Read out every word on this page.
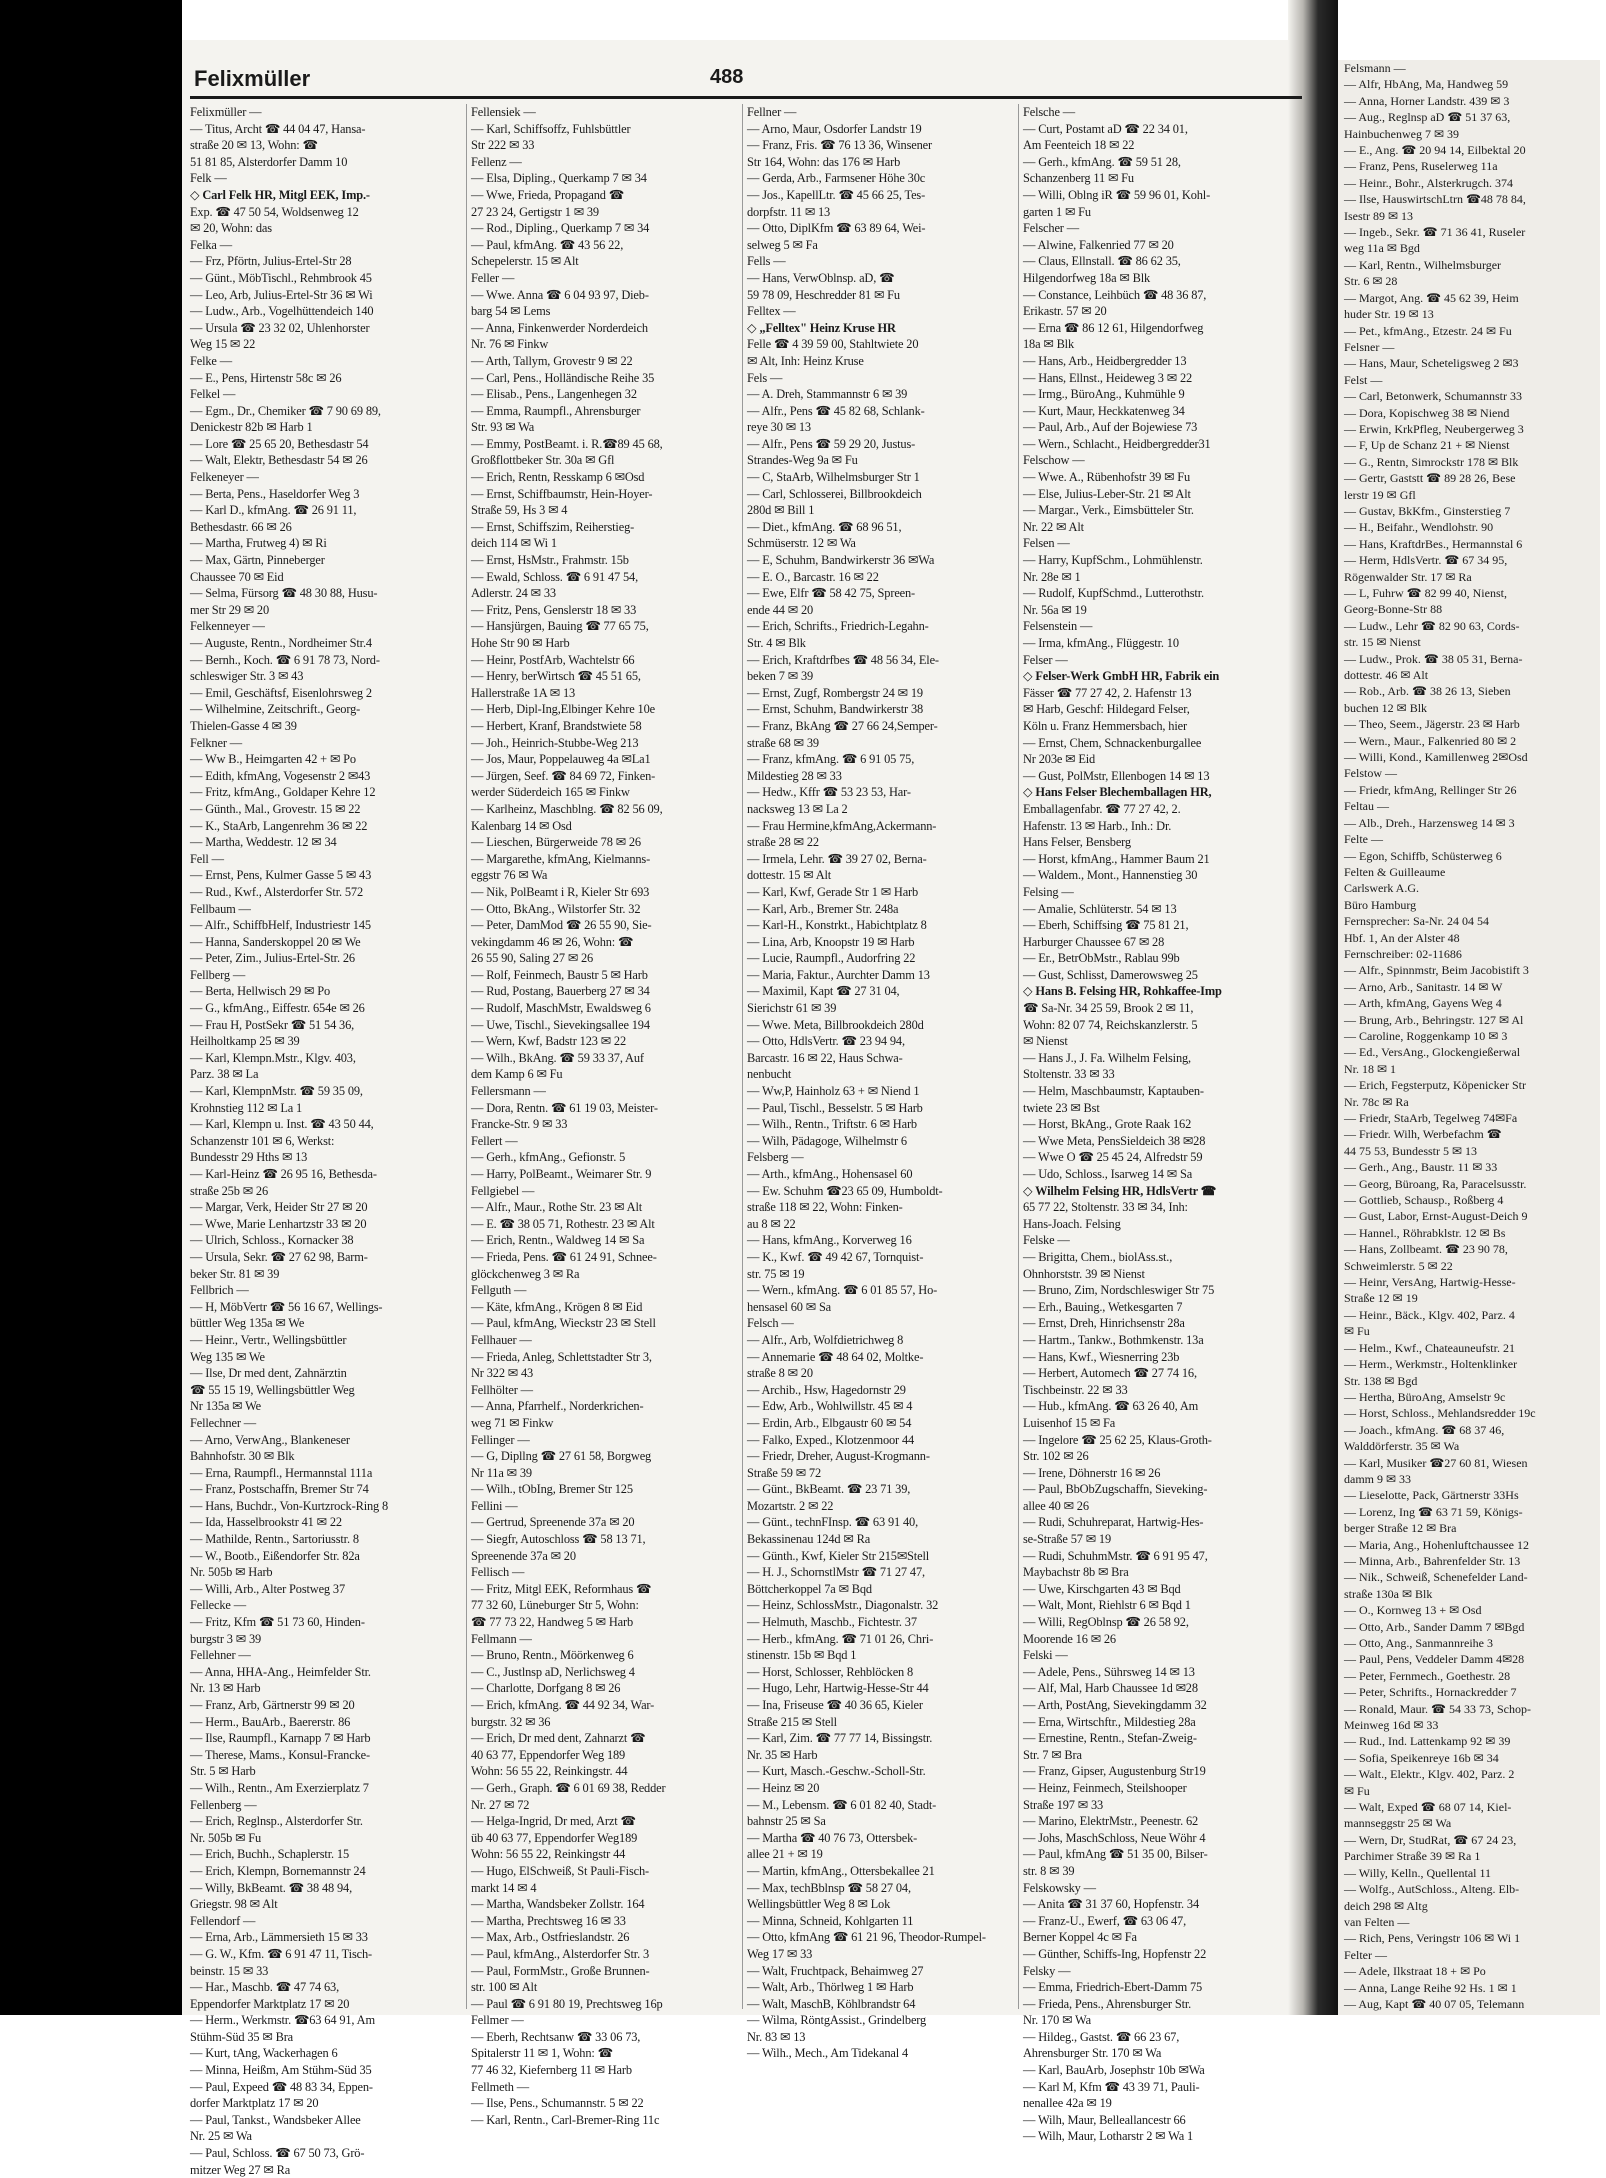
Felsmann —
— Alfr, HbAng, Ma, Handweg 59
— Anna, Horner Landstr. 439 ✉ 3
— Aug., Reglnsp aD ☎ 51 37 63,
Hainbuchenweg 7 ✉ 39
— E., Ang. ☎ 20 94 14, Eilbektal 20
— Franz, Pens, Ruselerweg 11a
— Heinr., Bohr., Alsterkrugch. 374
— Ilse, HauswirtschLtrn ☎48 78 84,
Isestr 89 ✉ 13
— Ingeb., Sekr. ☎ 71 36 41, Ruseler
weg 11a ✉ Bgd
— Karl, Rentn., Wilhelmsburger
Str. 6 ✉ 28
— Margot, Ang. ☎ 45 62 39, Heim
huder Str. 19 ✉ 13
— Pet., kfmAng., Etzestr. 24 ✉ Fu
Felsner —
— Hans, Maur, Scheteligsweg 2 ✉3
Felst —
— Carl, Betonwerk, Schumannstr 33
— Dora, Kopischweg 38 ✉ Niend
— Erwin, KrkPfleg, Neubergerweg 3
— F, Up de Schanz 21 + ✉ Nienst
— G., Rentn, Simrockstr 178 ✉ Blk
— Gertr, Gaststt ☎ 89 28 26, Bese
lerstr 19 ✉ Gfl
— Gustav, BkKfm., Ginsterstieg 7
— H., Beifahr., Wendlohstr. 90
— Hans, KraftdrBes., Hermannstal 6
— Herm, HdlsVertr. ☎ 67 34 95,
Rögenwalder Str. 17 ✉ Ra
— L, Fuhrw ☎ 82 99 40, Nienst,
Georg-Bonne-Str 88
— Ludw., Lehr ☎ 82 90 63, Cords-
str. 15 ✉ Nienst
— Ludw., Prok. ☎ 38 05 31, Berna-
dottestr. 46 ✉ Alt
— Rob., Arb. ☎ 38 26 13, Sieben
buchen 12 ✉ Blk
— Theo, Seem., Jägerstr. 23 ✉ Harb
— Wern., Maur., Falkenried 80 ✉ 2
— Willi, Kond., Kamillenweg 2✉Osd
Felstow —
— Friedr, kfmAng, Rellinger Str 26
Feltau —
— Alb., Dreh., Harzensweg 14 ✉ 3
Felte —
— Egon, Schiffb, Schüsterweg 6
Felten & Guilleaume
Carlswerk A.G.
Büro Hamburg
Fernsprecher: Sa-Nr. 24 04 54
Hbf. 1, An der Alster 48
Fernschreiber: 02-11686
— Alfr., Spinnmstr, Beim Jacobistift 3
— Arno, Arb., Sanitastr. 14 ✉ W
— Arth, kfmAng, Gayens Weg 4
— Brung, Arb., Behringstr. 127 ✉ Al
— Caroline, Roggenkamp 10 ✉ 3
— Ed., VersAng., Glockengießerwal
Nr. 18 ✉ 1
— Erich, Fegsterputz, Köpenicker Str
Nr. 78c ✉ Ra
— Friedr, StaArb, Tegelweg 74✉Fa
— Friedr. Wilh, Werbefachm ☎
44 75 53, Bundesstr 5 ✉ 13
— Gerh., Ang., Baustr. 11 ✉ 33
— Georg, Büroang, Ra, Paracelsusstr.
— Gottlieb, Schausp., Roßberg 4
— Gust, Labor, Ernst-August-Deich 9
— Hannel., Röhrabklstr. 12 ✉ Bs
— Hans, Zollbeamt. ☎ 23 90 78,
Schweimlerstr. 5 ✉ 22
— Heinr, VersAng, Hartwig-Hesse-
Straße 12 ✉ 19
— Heinr., Bäck., Klgv. 402, Parz. 4
✉ Fu
— Helm., Kwf., Chateauneufstr. 21
— Herm., Werkmstr., Holtenklinker
Str. 138 ✉ Bgd
— Hertha, BüroAng, Amselstr 9c
— Horst, Schloss., Mehlandsredder 19c
— Joach., kfmAng. ☎ 68 37 46,
Walddörferstr. 35 ✉ Wa
— Karl, Musiker ☎27 60 81, Wiesen
damm 9 ✉ 33
— Lieselotte, Pack, Gärtnerstr 33Hs
— Lorenz, Ing ☎ 63 71 59, Königs-
berger Straße 12 ✉ Bra
— Maria, Ang., Hohenluftchaussee 12
— Minna, Arb., Bahrenfelder Str. 13
— Nik., Schweiß, Schenefelder Land-
straße 130a ✉ Blk
— O., Kornweg 13 + ✉ Osd
— Otto, Arb., Sander Damm 7 ✉Bgd
— Otto, Ang., Sanmannreihe 3
— Paul, Pens, Veddeler Damm 4✉28
— Peter, Fernmech., Goethestr. 28
— Peter, Schrifts., Hornackredder 7
— Ronald, Maur. ☎ 54 33 73, Schop-
Meinweg 16d ✉ 33
— Rud., Ind. Lattenkamp 92 ✉ 39
— Sofia, Speikenreye 16b ✉ 34
— Walt., Elektr., Klgv. 402, Parz. 2
✉ Fu
— Walt, Exped ☎ 68 07 14, Kiel-
mannseggstr 25 ✉ Wa
— Wern, Dr, StudRat, ☎ 67 24 23,
Parchimer Straße 39 ✉ Ra 1
— Willy, Kelln., Quellental 11
— Wolfg., AutSchloss., Alteng. Elb-
deich 298 ✉ Altg
van Felten —
— Rich, Pens, Veringstr 106 ✉ Wi 1
Felter —
— Adele, Ilkstraat 18 + ✉ Po
— Anna, Lange Reihe 92 Hs. 1 ✉ 1
— Aug, Kapt ☎ 40 07 05, Telemann
Felixmüller	488
Felixmüller —
— Titus, Archt ☎ 44 04 47, Hansa-
straße 20 ✉ 13, Wohn: ☎
51 81 85, Alsterdorfer Damm 10
Felk —
◇ Carl Felk HR, Mitgl EEK, Imp.-
Exp. ☎ 47 50 54, Woldsenweg 12
✉ 20, Wohn: das
Felka —
— Frz, Pförtn, Julius-Ertel-Str 28
— Günt., MöbTischl., Rehmbrook 45
— Leo, Arb, Julius-Ertel-Str 36 ✉ Wi
— Ludw., Arb., Vogelhüttendeich 140
— Ursula ☎ 23 32 02, Uhlenhorster
Weg 15 ✉ 22
Felke —
— E., Pens, Hirtenstr 58c ✉ 26
Felkel —
— Egm., Dr., Chemiker ☎ 7 90 69 89,
Denickestr 82b ✉ Harb 1
— Lore ☎ 25 65 20, Bethesdastr 54
— Walt, Elektr, Bethesdastr 54 ✉ 26
Felkeneyer —
— Berta, Pens., Haseldorfer Weg 3
— Karl D., kfmAng. ☎ 26 91 11,
Bethesdastr. 66 ✉ 26
— Martha, Frutweg 4) ✉ Ri
— Max, Gärtn, Pinneberger
Chaussee 70 ✉ Eid
— Selma, Fürsorg ☎ 48 30 88, Husu-
mer Str 29 ✉ 20
Felkenneyer —
— Auguste, Rentn., Nordheimer Str.4
— Bernh., Koch. ☎ 6 91 78 73, Nord-
schleswiger Str. 3 ✉ 43
— Emil, Geschäftsf, Eisenlohrsweg 2
— Wilhelmine, Zeitschrift., Georg-
Thielen-Gasse 4 ✉ 39
Felkner —
— Ww B., Heimgarten 42 + ✉ Po
— Edith, kfmAng, Vogesenstr 2 ✉43
— Fritz, kfmAng., Goldaper Kehre 12
— Günth., Mal., Grovestr. 15 ✉ 22
— K., StaArb, Langenrehm 36 ✉ 22
— Martha, Weddestr. 12 ✉ 34
Fell —
— Ernst, Pens, Kulmer Gasse 5 ✉ 43
— Rud., Kwf., Alsterdorfer Str. 572
Fellbaum —
— Alfr., SchiffbHelf, Industriestr 145
— Hanna, Sanderskoppel 20 ✉ We
— Peter, Zim., Julius-Ertel-Str. 26
Fellberg —
— Berta, Hellwisch 29 ✉ Po
— G., kfmAng., Eiffestr. 654e ✉ 26
— Frau H, PostSekr ☎ 51 54 36,
Heilholtkamp 25 ✉ 39
— Karl, Klempn.Mstr., Klgv. 403,
Parz. 38 ✉ La
— Karl, KlempnMstr. ☎ 59 35 09,
Krohnstieg 112 ✉ La 1
— Karl, Klempn u. Inst. ☎ 43 50 44,
Schanzenstr 101 ✉ 6, Werkst:
Bundesstr 29 Hths ✉ 13
— Karl-Heinz ☎ 26 95 16, Bethesda-
straße 25b ✉ 26
— Margar, Verk, Heider Str 27 ✉ 20
— Wwe, Marie Lenhartzstr 33 ✉ 20
— Ulrich, Schloss., Kornacker 38
— Ursula, Sekr. ☎ 27 62 98, Barm-
beker Str. 81 ✉ 39
Fellbrich —
— H, MöbVertr ☎ 56 16 67, Wellings-
büttler Weg 135a ✉ We
— Heinr., Vertr., Wellingsbüttler
Weg 135 ✉ We
— Ilse, Dr med dent, Zahnärztin
☎ 55 15 19, Wellingsbüttler Weg
Nr 135a ✉ We
Fellechner —
— Arno, VerwAng., Blankeneser
Bahnhofstr. 30 ✉ Blk
— Erna, Raumpfl., Hermannstal 111a
— Franz, Postschaffn, Bremer Str 74
— Hans, Buchdr., Von-Kurtzrock-Ring 8
— Ida, Hasselbrookstr 41 ✉ 22
— Mathilde, Rentn., Sartoriusstr. 8
— W., Bootb., Eißendorfer Str. 82a
Nr. 505b ✉ Harb
— Willi, Arb., Alter Postweg 37
Fellecke —
— Fritz, Kfm ☎ 51 73 60, Hinden-
burgstr 3 ✉ 39
Fellehner —
— Anna, HHA-Ang., Heimfelder Str.
Nr. 13 ✉ Harb
— Franz, Arb, Gärtnerstr 99 ✉ 20
— Herm., BauArb., Baererstr. 86
— Ilse, Raumpfl., Karnapp 7 ✉ Harb
— Therese, Mams., Konsul-Francke-
Str. 5 ✉ Harb
— Wilh., Rentn., Am Exerzierplatz 7
Fellenberg —
— Erich, Reglnsp., Alsterdorfer Str.
Nr. 505b ✉ Fu
— Erich, Buchh., Schaplerstr. 15
— Erich, Klempn, Bornemannstr 24
— Willy, BkBeamt. ☎ 38 48 94,
Griegstr. 98 ✉ Alt
Fellendorf —
— Erna, Arb., Lämmersieth 15 ✉ 33
— G. W., Kfm. ☎ 6 91 47 11, Tisch-
beinstr. 15 ✉ 33
— Har., Maschb. ☎ 47 74 63,
Eppendorfer Marktplatz 17 ✉ 20
— Herm., Werkmstr. ☎63 64 91, Am
Stühm-Süd 35 ✉ Bra
— Kurt, tAng, Wackerhagen 6
— Minna, Heißm, Am Stühm-Süd 35
— Paul, Expeed ☎ 48 83 34, Eppen-
dorfer Marktplatz 17 ✉ 20
— Paul, Tankst., Wandsbeker Allee
Nr. 25 ✉ Wa
— Paul, Schloss. ☎ 67 50 73, Grö-
mitzer Weg 27 ✉ Ra
Fellensiek —
— Karl, Schiffsoffz, Fuhlsbüttler
Str 222 ✉ 33
Fellenz —
— Elsa, Dipling., Querkamp 7 ✉ 34
— Wwe, Frieda, Propagand ☎
27 23 24, Gertigstr 1 ✉ 39
— Rod., Dipling., Querkamp 7 ✉ 34
— Paul, kfmAng. ☎ 43 56 22,
Schepelerstr. 15 ✉ Alt
Feller —
— Wwe. Anna ☎ 6 04 93 97, Dieb-
barg 54 ✉ Lems
— Anna, Finkenwerder Norderdeich
Nr. 76 ✉ Finkw
— Arth, Tallym, Grovestr 9 ✉ 22
— Carl, Pens., Holländische Reihe 35
— Elisab., Pens., Langenhegen 32
— Emma, Raumpfl., Ahrensburger
Str. 93 ✉ Wa
— Emmy, PostBeamt. i. R.☎89 45 68,
Großflottbeker Str. 30a ✉ Gfl
— Erich, Rentn, Resskamp 6 ✉Osd
— Ernst, Schiffbaumstr, Hein-Hoyer-
Straße 59, Hs 3 ✉ 4
— Ernst, Schiffszim, Reiherstieg-
deich 114 ✉ Wi 1
— Ernst, HsMstr., Frahmstr. 15b
— Ewald, Schloss. ☎ 6 91 47 54,
Adlerstr. 24 ✉ 33
— Fritz, Pens, Genslerstr 18 ✉ 33
— Hansjürgen, Bauing ☎ 77 65 75,
Hohe Str 90 ✉ Harb
— Heinr, PostfArb, Wachtelstr 66
— Henry, berWirtsch ☎ 45 51 65,
Hallerstraße 1A ✉ 13
— Herb, Dipl-Ing,Elbinger Kehre 10e
— Herbert, Kranf, Brandstwiete 58
— Joh., Heinrich-Stubbe-Weg 213
— Jos, Maur, Poppelauweg 4a ✉La1
— Jürgen, Seef. ☎ 84 69 72, Finken-
werder Süderdeich 165 ✉ Finkw
— Karlheinz, Maschblng. ☎ 82 56 09,
Kalenbarg 14 ✉ Osd
— Lieschen, Bürgerweide 78 ✉ 26
— Margarethe, kfmAng, Kielmanns-
eggstr 76 ✉ Wa
— Nik, PolBeamt i R, Kieler Str 693
— Otto, BkAng., Wilstorfer Str. 32
— Peter, DamMod ☎ 26 55 90, Sie-
vekingdamm 46 ✉ 26, Wohn: ☎
26 55 90, Saling 27 ✉ 26
— Rolf, Feinmech, Baustr 5 ✉ Harb
— Rud, Postang, Bauerberg 27 ✉ 34
— Rudolf, MaschMstr, Ewaldsweg 6
— Uwe, Tischl., Sievekingsallee 194
— Wern, Kwf, Badstr 123 ✉ 22
— Wilh., BkAng. ☎ 59 33 37, Auf
dem Kamp 6 ✉ Fu
Fellersmann —
— Dora, Rentn. ☎ 61 19 03, Meister-
Francke-Str. 9 ✉ 33
Fellert —
— Gerh., kfmAng., Gefionstr. 5
— Harry, PolBeamt., Weimarer Str. 9
Fellgiebel —
— Alfr., Maur., Rothe Str. 23 ✉ Alt
— E. ☎ 38 05 71, Rothestr. 23 ✉ Alt
— Erich, Rentn., Waldweg 14 ✉ Sa
— Frieda, Pens. ☎ 61 24 91, Schnee-
glöckchenweg 3 ✉ Ra
Fellguth —
— Käte, kfmAng., Krögen 8 ✉ Eid
— Paul, kfmAng, Wieckstr 23 ✉ Stell
Fellhauer —
— Frieda, Anleg, Schlettstadter Str 3,
Nr 322 ✉ 43
Fellhölter —
— Anna, Pfarrhelf., Norderkrichen-
weg 71 ✉ Finkw
Fellinger —
— G, Dipllng ☎ 27 61 58, Borgweg
Nr 11a ✉ 39
— Wilh., tObIng, Bremer Str 125
Fellini —
— Gertrud, Spreenende 37a ✉ 20
— Siegfr, Autoschloss ☎ 58 13 71,
Spreenende 37a ✉ 20
Fellisch —
— Fritz, Mitgl EEK, Reformhaus ☎
77 32 60, Lüneburger Str 5, Wohn:
☎ 77 73 22, Handweg 5 ✉ Harb
Fellmann —
— Bruno, Rentn., Möörkenweg 6
— C., Justlnsp aD, Nerlichsweg 4
— Charlotte, Dorfgang 8 ✉ 26
— Erich, kfmAng. ☎ 44 92 34, War-
burgstr. 32 ✉ 36
— Erich, Dr med dent, Zahnarzt ☎
40 63 77, Eppendorfer Weg 189
Wohn: 56 55 22, Reinkingstr. 44
— Gerh., Graph. ☎ 6 01 69 38, Redder
Nr. 27 ✉ 72
— Helga-Ingrid, Dr med, Arzt ☎
üb 40 63 77, Eppendorfer Weg189
Wohn: 56 55 22, Reinkingstr 44
— Hugo, ElSchweiß, St Pauli-Fisch-
markt 14 ✉ 4
— Martha, Wandsbeker Zollstr. 164
— Martha, Prechtsweg 16 ✉ 33
— Max, Arb., Ostfrieslandstr. 26
— Paul, kfmAng., Alsterdorfer Str. 3
— Paul, FormMstr., Große Brunnen-
str. 100 ✉ Alt
— Paul ☎ 6 91 80 19, Prechtsweg 16p
Fellmer —
— Eberh, Rechtsanw ☎ 33 06 73,
Spitalerstr 11 ✉ 1, Wohn: ☎
77 46 32, Kiefernberg 11 ✉ Harb
Fellmeth —
— Ilse, Pens., Schumannstr. 5 ✉ 22
— Karl, Rentn., Carl-Bremer-Ring 11c
Fellner —
— Arno, Maur, Osdorfer Landstr 19
— Franz, Fris. ☎ 76 13 36, Winsener
Str 164, Wohn: das 176 ✉ Harb
— Gerda, Arb., Farmsener Höhe 30c
— Jos., KapellLtr. ☎ 45 66 25, Tes-
dorpfstr. 11 ✉ 13
— Otto, DiplKfm ☎ 63 89 64, Wei-
selweg 5 ✉ Fa
Fells —
— Hans, VerwOblnsp. aD, ☎
59 78 09, Heschredder 81 ✉ Fu
Felltex —
◇ „Felltex" Heinz Kruse HR
Felle ☎ 4 39 59 00, Stahltwiete 20
✉ Alt, Inh: Heinz Kruse
Fels —
— A. Dreh, Stammannstr 6 ✉ 39
— Alfr., Pens ☎ 45 82 68, Schlank-
reye 30 ✉ 13
— Alfr., Pens ☎ 59 29 20, Justus-
Strandes-Weg 9a ✉ Fu
— C, StaArb, Wilhelmsburger Str 1
— Carl, Schlosserei, Billbrookdeich
280d ✉ Bill 1
— Diet., kfmAng. ☎ 68 96 51,
Schmüserstr. 12 ✉ Wa
— E, Schuhm, Bandwirkerstr 36 ✉Wa
— E. O., Barcastr. 16 ✉ 22
— Ewe, Elfr ☎ 58 42 75, Spreen-
ende 44 ✉ 20
— Erich, Schrifts., Friedrich-Legahn-
Str. 4 ✉ Blk
— Erich, Kraftdrfbes ☎ 48 56 34, Ele-
beken 7 ✉ 39
— Ernst, Zugf, Rombergstr 24 ✉ 19
— Ernst, Schuhm, Bandwirkerstr 38
— Franz, BkAng ☎ 27 66 24,Semper-
straße 68 ✉ 39
— Franz, kfmAng. ☎ 6 91 05 75,
Mildestieg 28 ✉ 33
— Hedw., Kffr ☎ 53 23 53, Har-
nacksweg 13 ✉ La 2
— Frau Hermine,kfmAng,Ackermann-
straße 28 ✉ 22
— Irmela, Lehr. ☎ 39 27 02, Berna-
dottestr. 15 ✉ Alt
— Karl, Kwf, Gerade Str 1 ✉ Harb
— Karl, Arb., Bremer Str. 248a
— Karl-H., Konstrkt., Habichtplatz 8
— Lina, Arb, Knoopstr 19 ✉ Harb
— Lucie, Raumpfl., Audorfring 22
— Maria, Faktur., Aurchter Damm 13
— Maximil, Kapt ☎ 27 31 04,
Sierichstr 61 ✉ 39
— Wwe. Meta, Billbrookdeich 280d
— Otto, HdlsVertr. ☎ 23 94 94,
Barcastr. 16 ✉ 22, Haus Schwa-
nenbucht
— Ww,P, Hainholz 63 + ✉ Niend 1
— Paul, Tischl., Besselstr. 5 ✉ Harb
— Wilh., Rentn., Triftstr. 6 ✉ Harb
— Wilh, Pädagoge, Wilhelmstr 6
Felsberg —
— Arth., kfmAng., Hohensasel 60
— Ew. Schuhm ☎23 65 09, Humboldt-
straße 118 ✉ 22, Wohn: Finken-
au 8 ✉ 22
— Hans, kfmAng., Korverweg 16
— K., Kwf. ☎ 49 42 67, Tornquist-
str. 75 ✉ 19
— Wern., kfmAng. ☎ 6 01 85 57, Ho-
hensasel 60 ✉ Sa
Felsch —
— Alfr., Arb, Wolfdietrichweg 8
— Annemarie ☎ 48 64 02, Moltke-
straße 8 ✉ 20
— Archib., Hsw, Hagedornstr 29
— Edw, Arb., Wohlwillstr. 45 ✉ 4
— Erdin, Arb., Elbgaustr 60 ✉ 54
— Falko, Exped., Klotzenmoor 44
— Friedr, Dreher, August-Krogmann-
Straße 59 ✉ 72
— Günt., BkBeamt. ☎ 23 71 39,
Mozartstr. 2 ✉ 22
— Günt., technFInsp. ☎ 63 91 40,
Bekassinenau 124d ✉ Ra
— Günth., Kwf, Kieler Str 215✉Stell
— H. J., SchornstlMstr ☎ 71 27 47,
Böttcherkoppel 7a ✉ Bqd
— Heinz, SchlossMstr., Diagonalstr. 32
— Helmuth, Maschb., Fichtestr. 37
— Herb., kfmAng. ☎ 71 01 26, Chri-
stinenstr. 15b ✉ Bqd 1
— Horst, Schlosser, Rehblöcken 8
— Hugo, Lehr, Hartwig-Hesse-Str 44
— Ina, Friseuse ☎ 40 36 65, Kieler
Straße 215 ✉ Stell
— Karl, Zim. ☎ 77 77 14, Bissingstr.
Nr. 35 ✉ Harb
— Kurt, Masch.-Geschw.-Scholl-Str.
— Heinz ✉ 20
— M., Lebensm. ☎ 6 01 82 40, Stadt-
bahnstr 25 ✉ Sa
— Martha ☎ 40 76 73, Ottersbek-
allee 21 + ✉ 19
— Martin, kfmAng., Ottersbekallee 21
— Max, techBblnsp ☎ 58 27 04,
Wellingsbüttler Weg 8 ✉ Lok
— Minna, Schneid, Kohlgarten 11
— Otto, kfmAng ☎ 61 21 96, Theodor-Rumpel-
Weg 17 ✉ 33
— Walt, Fruchtpack, Behaimweg 27
— Walt, Arb., Thörlweg 1 ✉ Harb
— Walt, MaschB, Köhlbrandstr 64
— Wilma, RöntgAssist., Grindelberg
Nr. 83 ✉ 13
— Wilh., Mech., Am Tidekanal 4
Felsche —
— Curt, Postamt aD ☎ 22 34 01,
Am Feenteich 18 ✉ 22
— Gerh., kfmAng. ☎ 59 51 28,
Schanzenberg 11 ✉ Fu
— Willi, Oblng iR ☎ 59 96 01, Kohl-
garten 1 ✉ Fu
Felscher —
— Alwine, Falkenried 77 ✉ 20
— Claus, Ellnstall. ☎ 86 62 35,
Hilgendorfweg 18a ✉ Blk
— Constance, Leihbüch ☎ 48 36 87,
Erikastr. 57 ✉ 20
— Erna ☎ 86 12 61, Hilgendorfweg
18a ✉ Blk
— Hans, Arb., Heidbergredder 13
— Hans, Ellnst., Heideweg 3 ✉ 22
— Irmg., BüroAng., Kuhmühle 9
— Kurt, Maur, Heckkatenweg 34
— Paul, Arb., Auf der Bojewiese 73
— Wern., Schlacht., Heidbergredder31
Felschow —
— Wwe. A., Rübenhofstr 39 ✉ Fu
— Else, Julius-Leber-Str. 21 ✉ Alt
— Margar., Verk., Eimsbütteler Str.
Nr. 22 ✉ Alt
Felsen —
— Harry, KupfSchm., Lohmühlenstr.
Nr. 28e ✉ 1
— Rudolf, KupfSchmd., Lutterothstr.
Nr. 56a ✉ 19
Felsenstein —
— Irma, kfmAng., Flüggestr. 10
Felser —
◇ Felser-Werk GmbH HR, Fabrik ein
Fässer ☎ 77 27 42, 2. Hafenstr 13
✉ Harb, Geschf: Hildegard Felser,
Köln u. Franz Hemmersbach, hier
— Ernst, Chem, Schnackenburgallee
Nr 203e ✉ Eid
— Gust, PolMstr, Ellenbogen 14 ✉ 13
◇ Hans Felser Blechemballagen HR,
Emballagenfabr. ☎ 77 27 42, 2.
Hafenstr. 13 ✉ Harb., Inh.: Dr.
Hans Felser, Bensberg
— Horst, kfmAng., Hammer Baum 21
— Waldem., Mont., Hannenstieg 30
Felsing —
— Amalie, Schlüterstr. 54 ✉ 13
— Eberh, Schiffsing ☎ 75 81 21,
Harburger Chaussee 67 ✉ 28
— Er., BetrObMstr., Rablau 99b
— Gust, Schlisst, Damerowsweg 25
◇ Hans B. Felsing HR, Rohkaffee-Imp
☎ Sa-Nr. 34 25 59, Brook 2 ✉ 11,
Wohn: 82 07 74, Reichskanzlerstr. 5
✉ Nienst
— Hans J., J. Fa. Wilhelm Felsing,
Stoltenstr. 33 ✉ 33
— Helm, Maschbaumstr, Kaptauben-
twiete 23 ✉ Bst
— Horst, BkAng., Grote Raak 162
— Wwe Meta, PensSieldeich 38 ✉28
— Wwe O ☎ 25 45 24, Alfredstr 59
— Udo, Schloss., Isarweg 14 ✉ Sa
◇ Wilhelm Felsing HR, HdlsVertr ☎
65 77 22, Stoltenstr. 33 ✉ 34, Inh:
Hans-Joach. Felsing
Felske —
— Brigitta, Chem., biolAss.st.,
Ohnhorststr. 39 ✉ Nienst
— Bruno, Zim, Nordschleswiger Str 75
— Erh., Bauing., Wetkesgarten 7
— Ernst, Dreh, Hinrichsenstr 28a
— Hartm., Tankw., Bothmkenstr. 13a
— Hans, Kwf., Wiesnerring 23b
— Herbert, Automech ☎ 27 74 16,
Tischbeinstr. 22 ✉ 33
— Hub., kfmAng. ☎ 63 26 40, Am
Luisenhof 15 ✉ Fa
— Ingelore ☎ 25 62 25, Klaus-Groth-
Str. 102 ✉ 26
— Irene, Döhnerstr 16 ✉ 26
— Paul, BbObZugschaffn, Sieveking-
allee 40 ✉ 26
— Rudi, Schuhreparat, Hartwig-Hes-
se-Straße 57 ✉ 19
— Rudi, SchuhmMstr. ☎ 6 91 95 47,
Maybachstr 8b ✉ Bra
— Uwe, Kirschgarten 43 ✉ Bqd
— Walt, Mont, Riehlstr 6 ✉ Bqd 1
— Willi, RegOblnsp ☎ 26 58 92,
Moorende 16 ✉ 26
Felski —
— Adele, Pens., Sührsweg 14 ✉ 13
— Alf, Mal, Harb Chaussee 1d ✉28
— Arth, PostAng, Sievekingdamm 32
— Erna, Wirtschftr., Mildestieg 28a
— Ernestine, Rentn., Stefan-Zweig-
Str. 7 ✉ Bra
— Franz, Gipser, Augustenburg Str19
— Heinz, Feinmech, Steilshooper
Straße 197 ✉ 33
— Marino, ElektrMstr., Peenestr. 62
— Johs, MaschSchloss, Neue Wöhr 4
— Paul, kfmAng ☎ 51 35 00, Bilser-
str. 8 ✉ 39
Felskowsky —
— Anita ☎ 31 37 60, Hopfenstr. 34
— Franz-U., Ewerf, ☎ 63 06 47,
Berner Koppel 4c ✉ Fa
— Günther, Schiffs-Ing, Hopfenstr 22
Felsky —
— Emma, Friedrich-Ebert-Damm 75
— Frieda, Pens., Ahrensburger Str.
Nr. 170 ✉ Wa
— Hildeg., Gastst. ☎ 66 23 67,
Ahrensburger Str. 170 ✉ Wa
— Karl, BauArb, Josephstr 10b ✉Wa
— Karl M, Kfm ☎ 43 39 71, Pauli-
nenallee 42a ✉ 19
— Wilh, Maur, Belleallancestr 66
— Wilh, Maur, Lotharstr 2 ✉ Wa 1
